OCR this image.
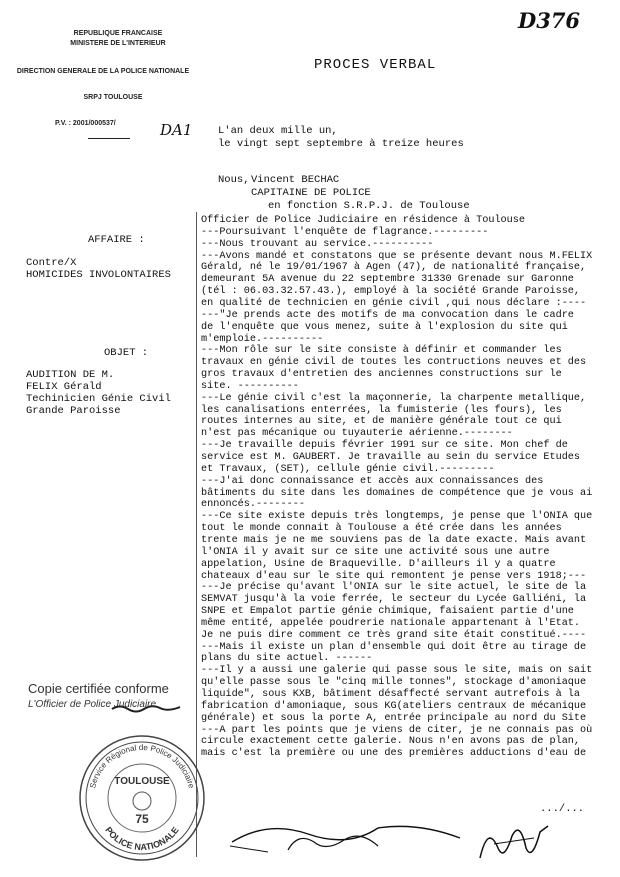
D376
REPUBLIQUE FRANCAISE
MINISTERE DE L'INTERIEUR
DIRECTION GENERALE DE LA POLICE NATIONALE
SRPJ TOULOUSE
P.V. : 2001/000537/	DA1
PROCES VERBAL
L'an deux mille un,
le vingt sept septembre à treize heures
Nous, Vincent BECHAC
CAPITAINE DE POLICE
en fonction S.R.P.J. de Toulouse
AFFAIRE :
Contre/X
HOMICIDES INVOLONTAIRES
OBJET :
AUDITION DE M.
FELIX Gérald
Techinicien Génie Civil
Grande Paroisse
Officier de Police Judiciaire en résidence à Toulouse
---Poursuivant l'enquête de flagrance.---------
---Nous trouvant au service.----------
---Avons mandé et constatons que se présente devant nous M.FELIX
Gérald, né le 19/01/1967 à Agen (47), de nationalité française,
demeurant 5A avenue du 22 septembre 31330 Grenade sur Garonne
(tél : 06.03.32.57.43.), employé à la société Grande Paroisse,
en qualité de technicien en génie civil ,qui nous déclare :----
---"Je prends acte des motifs de ma convocation dans le cadre
de l'enquête que vous menez, suite à l'explosion du site qui
m'emploie.----------
---Mon rôle sur le site consiste à définir et commander les
travaux en génie civil de toutes les contructions neuves et des
gros travaux d'entretien des anciennes constructions sur le
site. ----------
---Le génie civil c'est la maçonnerie, la charpente metallique,
les canalisations enterrées, la fumisterie (les fours), les
routes internes au site, et de manière générale tout ce qui
n'est pas mécanique ou tuyauterie aérienne.--------
---Je travaille depuis février 1991 sur ce site. Mon chef de
service est M. GAUBERT. Je travaille au sein du service Etudes
et Travaux, (SET), cellule génie civil.---------
---J'ai donc connaissance et accès aux connaissances des
bâtiments du site dans les domaines de compétence que je vous ai
ennoncés.--------
---Ce site existe depuis très longtemps, je pense que l'ONIA que
tout le monde connait à Toulouse a été crée dans les années
trente mais je ne me souviens pas de la date exacte. Mais avant
l'ONIA il y avait sur ce site une activité sous une autre
appelation, Usine de Braqueville. D'ailleurs il y a quatre
chateaux d'eau sur le site qui remontent je pense vers 1918;---
---Je précise qu'avant l'ONIA sur le site actuel, le site de la
SEMVAT jusqu'à la voie ferrée, le secteur du Lycée Galliéni, la
SNPE et Empalot partie génie chimique, faisaient partie d'une
même entité, appelée poudrerie nationale appartenant à l'Etat.
Je ne puis dire comment ce très grand site était constitué.----
---Mais il existe un plan d'ensemble qui doit être au tirage de
plans du site actuel. ------
---Il y a aussi une galerie qui passe sous le site, mais on sait
qu'elle passe sous le "cinq mille tonnes", stockage d'amoniaque
liquide", sous KXB, bâtiment désaffecté servant autrefois à la
fabrication d'amoniaque, sous KG(ateliers centraux de mécanique
générale) et sous la porte A, entrée principale au nord du Site
---A part les points que je viens de citer, je ne connais pas où
circule exactement cette galerie. Nous n'en avons pas de plan,
mais c'est la première ou une des premières adductions d'eau de
.../...
Copie certifiée conforme
L'Officier de Police Judiciaire
Service Régional de Police Judiciaire
TOULOUSE
75
POLICE NATIONALE
